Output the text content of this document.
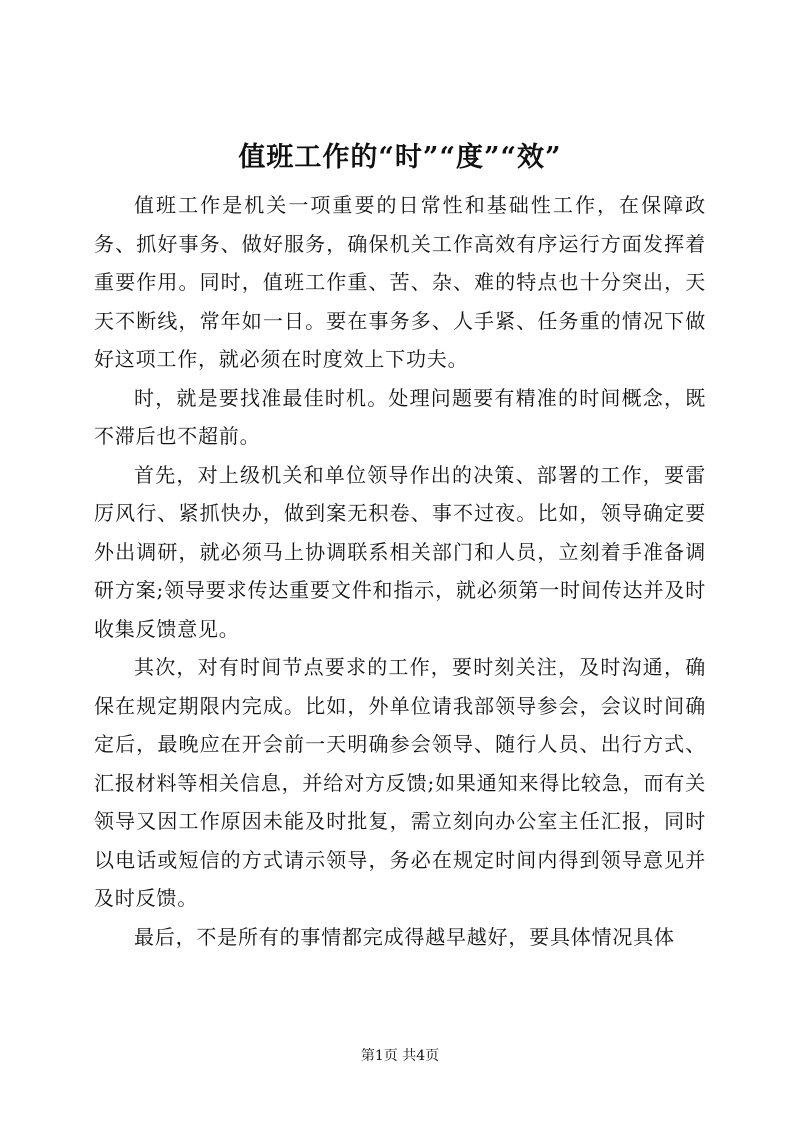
值班工作的“时”“度”“效”

值班工作是机关一项重要的日常性和基础性工作，在保障政务、抓好事务、做好服务，确保机关工作高效有序运行方面发挥着重要作用。同时，值班工作重、苦、杂、难的特点也十分突出，天天不断线，常年如一日。要在事务多、人手紧、任务重的情况下做好这项工作，就必须在时度效上下功夫。

时，就是要找准最佳时机。处理问题要有精准的时间概念，既不滞后也不超前。

首先，对上级机关和单位领导作出的决策、部署的工作，要雷厉风行、紧抓快办，做到案无积卷、事不过夜。比如，领导确定要外出调研，就必须马上协调联系相关部门和人员，立刻着手准备调研方案;领导要求传达重要文件和指示，就必须第一时间传达并及时收集反馈意见。

其次，对有时间节点要求的工作，要时刻关注，及时沟通，确保在规定期限内完成。比如，外单位请我部领导参会，会议时间确定后，最晚应在开会前一天明确参会领导、随行人员、出行方式、汇报材料等相关信息，并给对方反馈;如果通知来得比较急，而有关领导又因工作原因未能及时批复，需立刻向办公室主任汇报，同时以电话或短信的方式请示领导，务必在规定时间内得到领导意见并及时反馈。

最后，不是所有的事情都完成得越早越好，要具体情况具体

第1页 共4页
